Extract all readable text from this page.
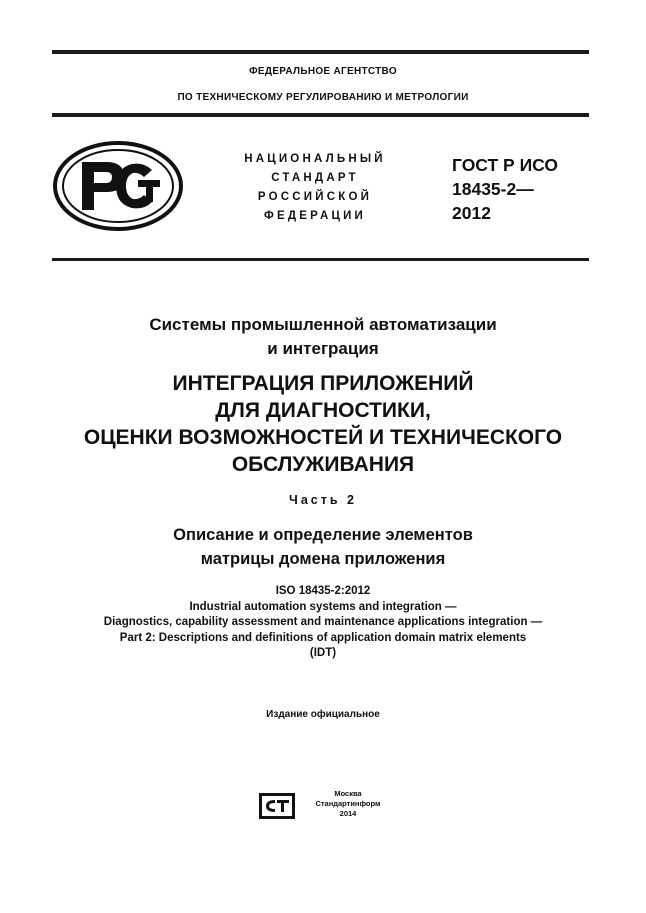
ФЕДЕРАЛЬНОЕ АГЕНТСТВО
ПО ТЕХНИЧЕСКОМУ РЕГУЛИРОВАНИЮ И МЕТРОЛОГИИ
НАЦИОНАЛЬНЫЙ
СТАНДАРТ
РОССИЙСКОЙ
ФЕДЕРАЦИИ
ГОСТ Р ИСО
18435-2—
2012
Системы промышленной автоматизации
и интеграция
ИНТЕГРАЦИЯ ПРИЛОЖЕНИЙ
ДЛЯ ДИАГНОСТИКИ,
ОЦЕНКИ ВОЗМОЖНОСТЕЙ И ТЕХНИЧЕСКОГО
ОБСЛУЖИВАНИЯ
Часть 2
Описание и определение элементов
матрицы домена приложения
ISO 18435-2:2012
Industrial automation systems and integration —
Diagnostics, capability assessment and maintenance applications integration —
Part 2: Descriptions and definitions of application domain matrix elements
(IDT)
Издание официальное
Москва
Стандартинформ
2014
